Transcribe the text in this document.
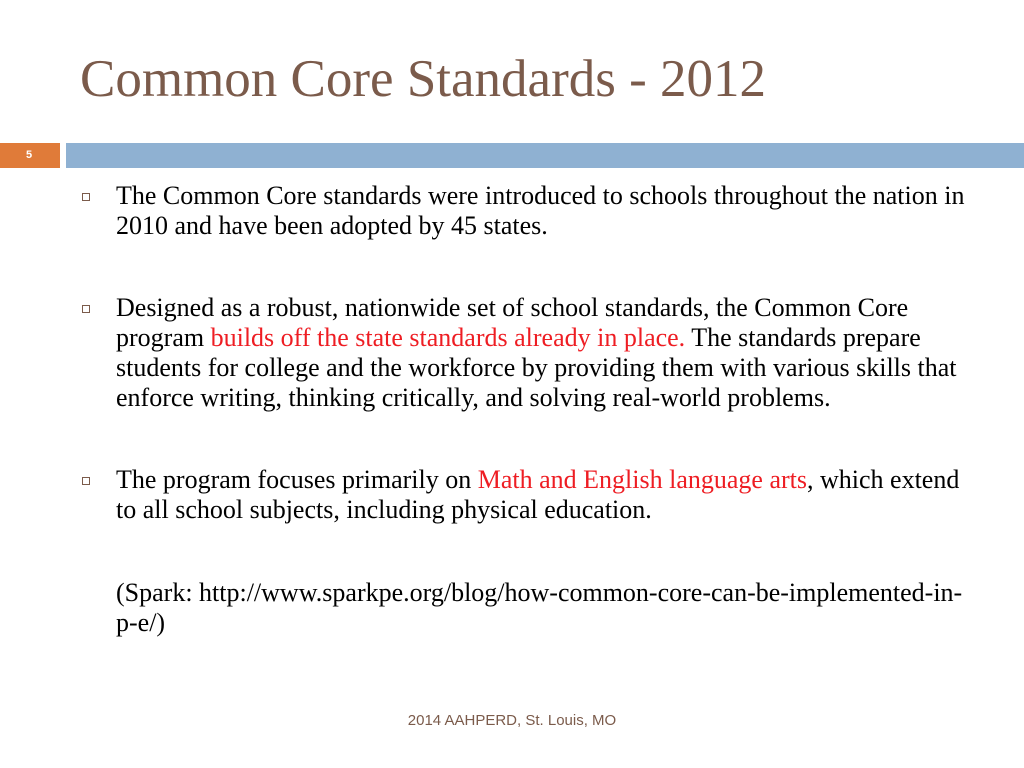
Common Core Standards - 2012
5
The Common Core standards were introduced to schools throughout the nation in 2010 and have been adopted by 45 states.
Designed as a robust, nationwide set of school standards, the Common Core program builds off the state standards already in place. The standards prepare students for college and the workforce by providing them with various skills that enforce writing, thinking critically, and solving real-world problems.
The program focuses primarily on Math and English language arts, which extend to all school subjects, including physical education.
(Spark: http://www.sparkpe.org/blog/how-common-core-can-be-implemented-in-p-e/)
2014 AAHPERD, St. Louis, MO
